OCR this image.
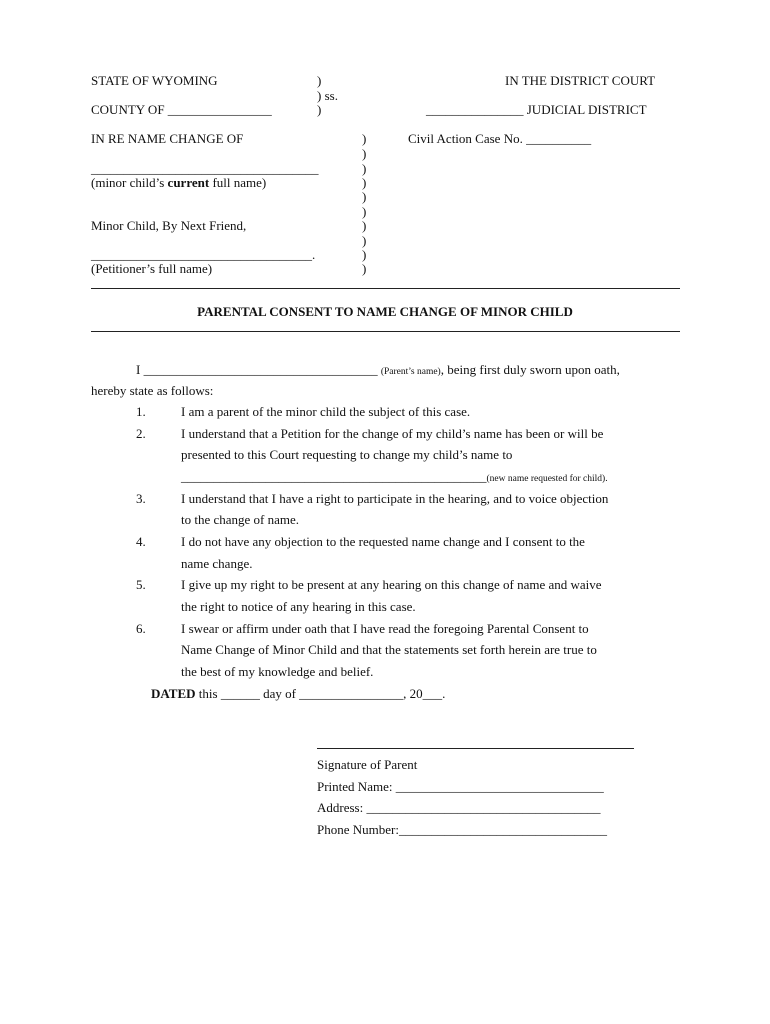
STATE OF WYOMING
COUNTY OF ________________
)
) ss.
)
IN THE DISTRICT COURT
_______________ JUDICIAL DISTRICT
IN RE NAME CHANGE OF
___________________________________
(minor child’s current full name)
Minor Child, By Next Friend,
__________________________________.
(Petitioner’s full name)
)
)
)
)
)
)
)
)
)
)
Civil Action Case No. __________
PARENTAL CONSENT TO NAME CHANGE OF MINOR CHILD
I ____________________________________ (Parent’s name), being first duly sworn upon oath,
hereby state as follows:
1.	I am a parent of the minor child the subject of this case.
2.	I understand that a Petition for the change of my child’s name has been or will be
presented to this Court requesting to change my child’s name to
_______________________________________________(new name requested for child).
3.	I understand that I have a right to participate in the hearing, and to voice objection
to the change of name.
4.	I do not have any objection to the requested name change and I consent to the
name change.
5.	I give up my right to be present at any hearing on this change of name and waive
the right to notice of any hearing in this case.
6.	I swear or affirm under oath that I have read the foregoing Parental Consent to
Name Change of Minor Child and that the statements set forth herein are true to
the best of my knowledge and belief.
DATED this ______ day of ________________, 20___.
Signature of Parent
Printed Name: ________________________________
Address: ____________________________________
Phone Number:________________________________
